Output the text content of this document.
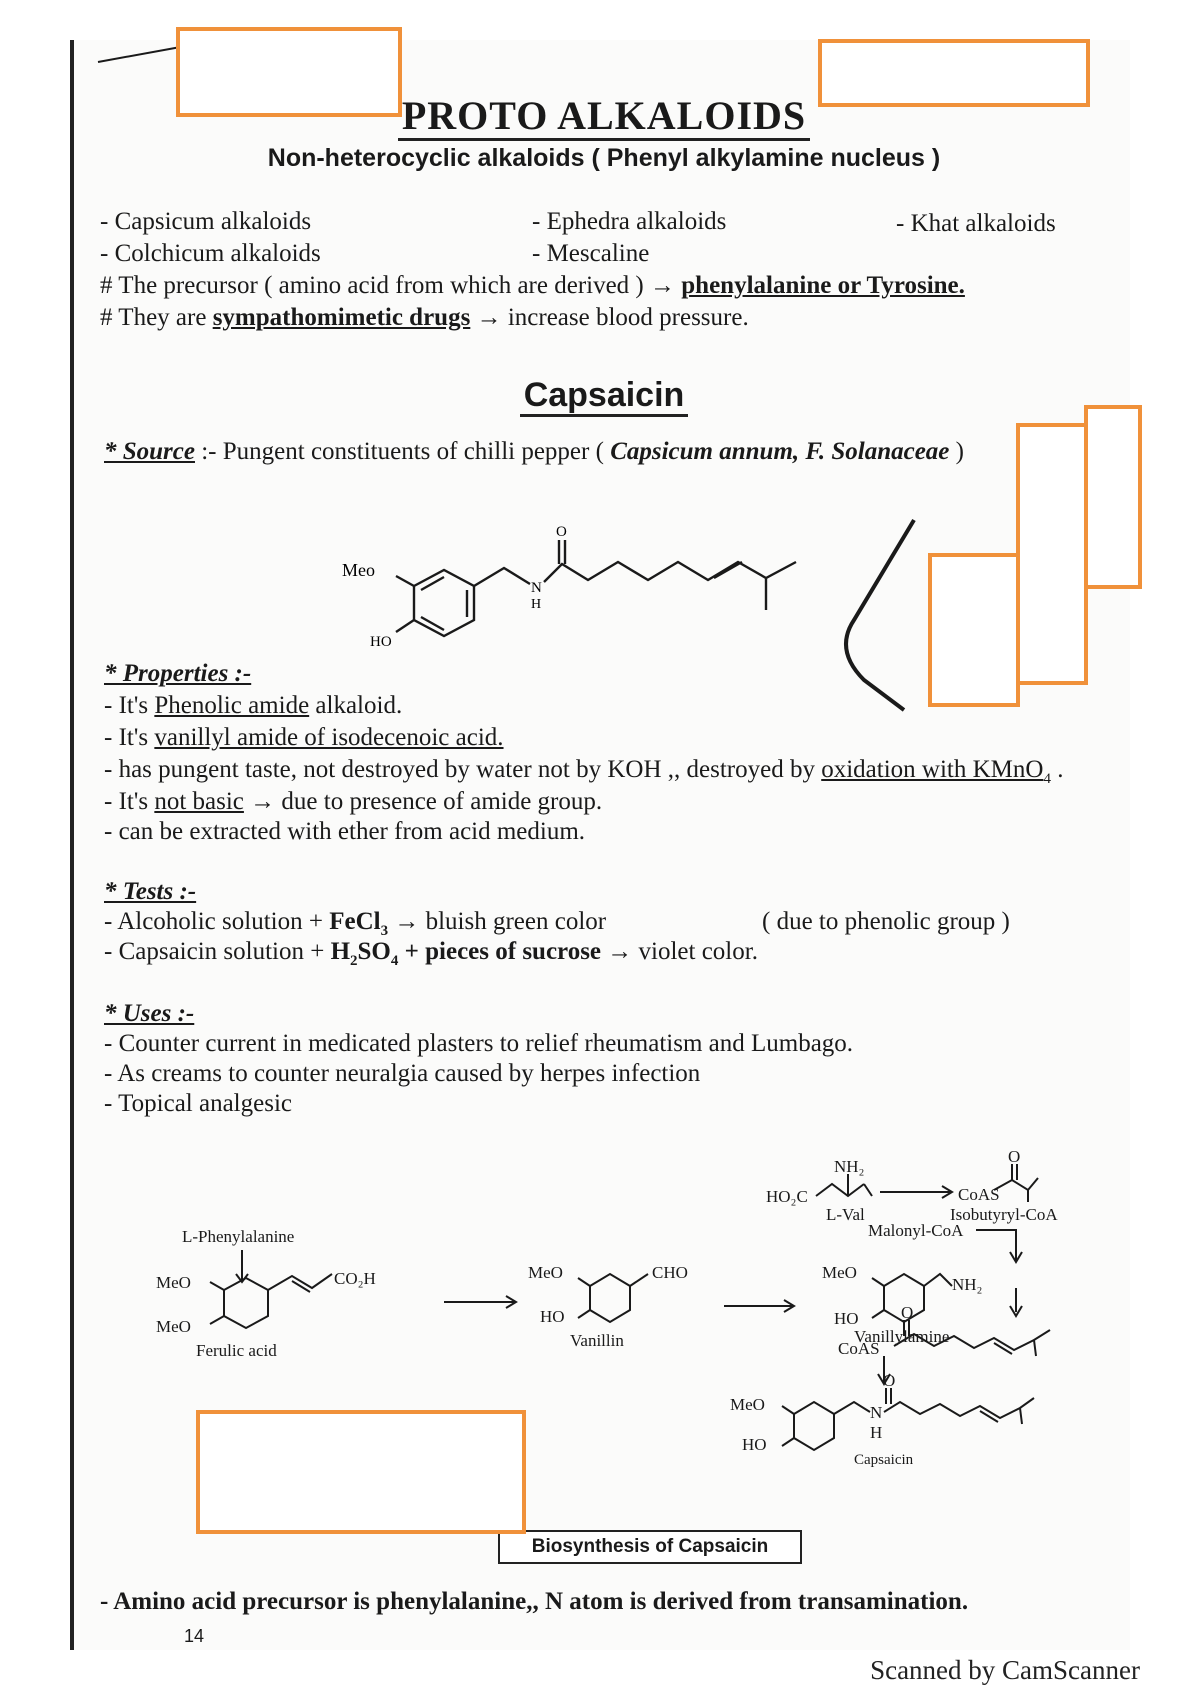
PROTO ALKALOIDS
Non-heterocyclic alkaloids ( Phenyl alkylamine nucleus )
- Capsicum alkaloids	- Ephedra alkaloids	- Khat alkaloids
- Colchicum alkaloids	- Mescaline
# The precursor ( amino acid from which are derived ) → phenylalanine or Tyrosine.
# They are sympathomimetic drugs → increase blood pressure.
Capsaicin
* Source :- Pungent constituents of chilli pepper ( Capsicum annum, F. Solanaceae )
Meo
HO
O
N
H
* Properties :-
- It's Phenolic amide alkaloid.
- It's vanillyl amide of isodecenoic acid.
- has pungent taste, not destroyed by water not by KOH ,, destroyed by oxidation with KMnO$_4$ .
- It's not basic → due to presence of amide group.
- can be extracted with ether from acid medium.
* Tests :-
- Alcoholic solution + FeCl$_3$ → bluish green color	( due to phenolic group )
- Capsaicin solution + $H_2SO_4$ + pieces of sucrose → violet color.
* Uses :-
- Counter current in medicated plasters to relief rheumatism and Lumbago.
- As creams to counter neuralgia caused by herpes infection
- Topical analgesic
L-Phenylalanine
MeO
MeO
CO₂H
Ferulic acid
MeO
HO
CHO
Vanillin
MeO
HO
NH₂
Vanillylamine
NH₂
HO₂C
L-Val
CoAS
O
Isobutyryl-CoA
Malonyl-CoA
CoAS
O
O
MeO
HO
N
H
Capsaicin
Biosynthesis of Capsaicin
- Amino acid precursor is phenylalanine,, N atom is derived from transamination.
14
Scanned by CamScanner
